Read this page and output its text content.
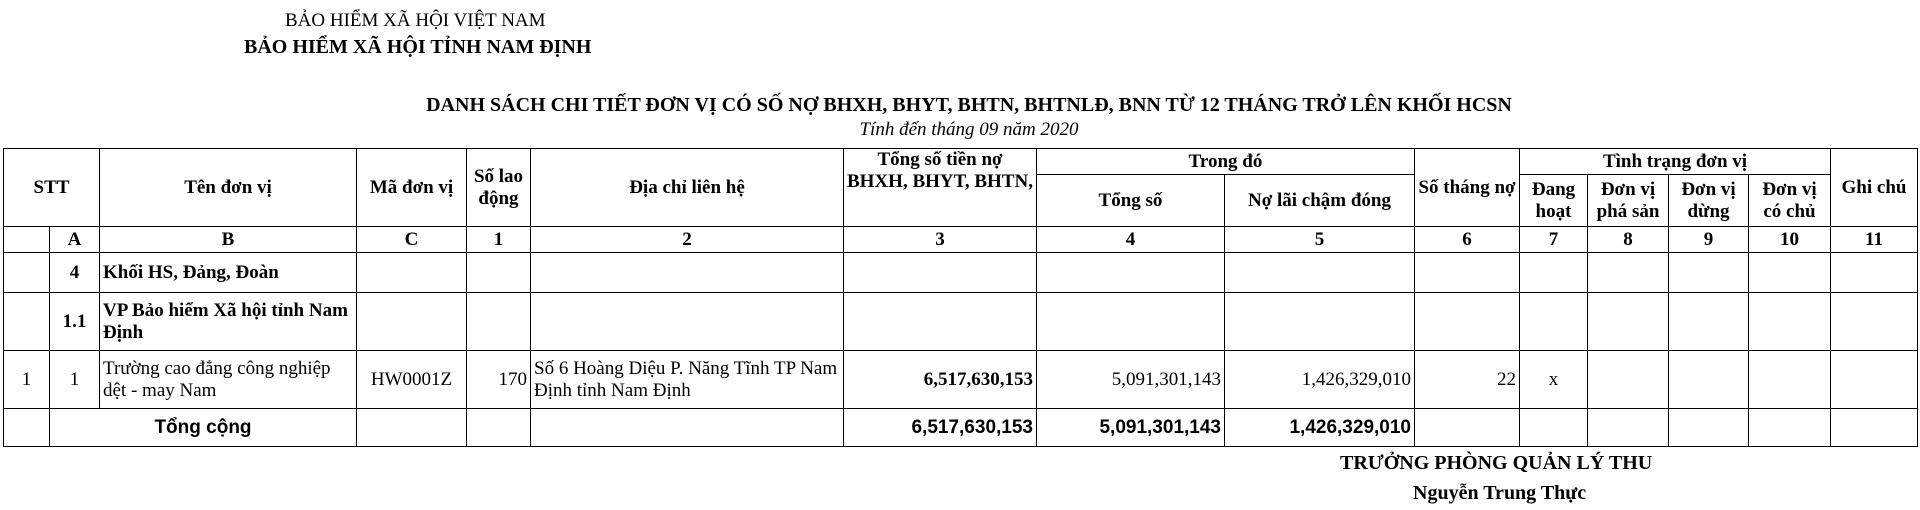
BẢO HIỂM XÃ HỘI VIỆT NAM
BẢO HIỂM XÃ HỘI TỈNH NAM ĐỊNH
DANH SÁCH CHI TIẾT ĐƠN VỊ CÓ SỐ NỢ BHXH, BHYT, BHTN, BHTNLĐ, BNN TỪ 12 THÁNG TRỞ LÊN KHỐI HCSN
Tính đến tháng 09 năm 2020
STT		Tên đơn vị	Mã đơn vị	Số lao động	Địa chỉ liên hệ	Tổng số tiền nợ BHXH, BHYT, BHTN,	Trong đó		Số tháng nợ	Tình trạng đơn vị				Ghi chú
							Tổng số	Nợ lãi chậm đóng		Đang hoạt	Đơn vị phá sản	Đơn vị dừng	Đơn vị có chủ	

	A	B	C	1	2	3	4	5	6	7	8	9	10	11
	4	Khối HS, Đảng, Đoàn												
	1.1	VP Bảo hiểm Xã hội tỉnh Nam Định												
1	1	Trường cao đẳng công nghiệp dệt - may Nam	HW0001Z	170	Số 6 Hoàng Diệu P. Năng Tĩnh TP Nam Định tỉnh Nam Định	6,517,630,153	5,091,301,143	1,426,329,010	22	x				
	Tổng cộng					6,517,630,153	5,091,301,143	1,426,329,010						
TRƯỞNG PHÒNG QUẢN LÝ THU
Nguyễn Trung Thực
